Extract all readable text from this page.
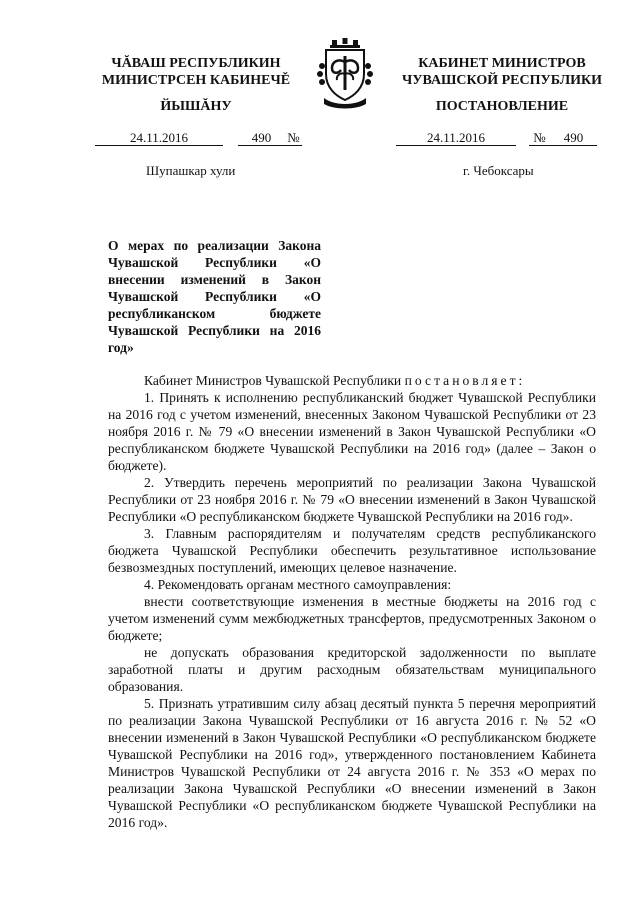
ЧĂВАШ РЕСПУБЛИКИН
МИНИСТРСЕН КАБИНЕЧĚ
ЙЫШĂНУ
КАБИНЕТ МИНИСТРОВ
ЧУВАШСКОЙ РЕСПУБЛИКИ
ПОСТАНОВЛЕНИЕ
24.11.2016	490 №	24.11.2016	№ 490
Шупашкар хули	г. Чебоксары
О мерах по реализации Закона Чувашской Республики «О внесении изменений в Закон Чувашской Республики «О республиканском бюджете Чувашской Республики на 2016 год»

Кабинет Министров Чувашской Республики постановляет:

1. Принять к исполнению республиканский бюджет Чувашской Республики на 2016 год с учетом изменений, внесенных Законом Чувашской Республики от 23 ноября 2016 г. № 79 «О внесении изменений в Закон Чувашской Республики «О республиканском бюджете Чувашской Республики на 2016 год» (далее – Закон о бюджете).

2. Утвердить перечень мероприятий по реализации Закона Чувашской Республики от 23 ноября 2016 г. № 79 «О внесении изменений в Закон Чувашской Республики «О республиканском бюджете Чувашской Республики на 2016 год».

3. Главным распорядителям и получателям средств республиканского бюджета Чувашской Республики обеспечить результативное использование безвозмездных поступлений, имеющих целевое назначение.

4. Рекомендовать органам местного самоуправления:

внести соответствующие изменения в местные бюджеты на 2016 год с учетом изменений сумм межбюджетных трансфертов, предусмотренных Законом о бюджете;

не допускать образования кредиторской задолженности по выплате заработной платы и другим расходным обязательствам муниципального образования.

5. Признать утратившим силу абзац десятый пункта 5 перечня мероприятий по реализации Закона Чувашской Республики от 16 августа 2016 г. № 52 «О внесении изменений в Закон Чувашской Республики «О республиканском бюджете Чувашской Республики на 2016 год», утвержденного постановлением Кабинета Министров Чувашской Республики от 24 августа 2016 г. № 353 «О мерах по реализации Закона Чувашской Республики «О внесении изменений в Закон Чувашской Республики «О республиканском бюджете Чувашской Республики на 2016 год».
